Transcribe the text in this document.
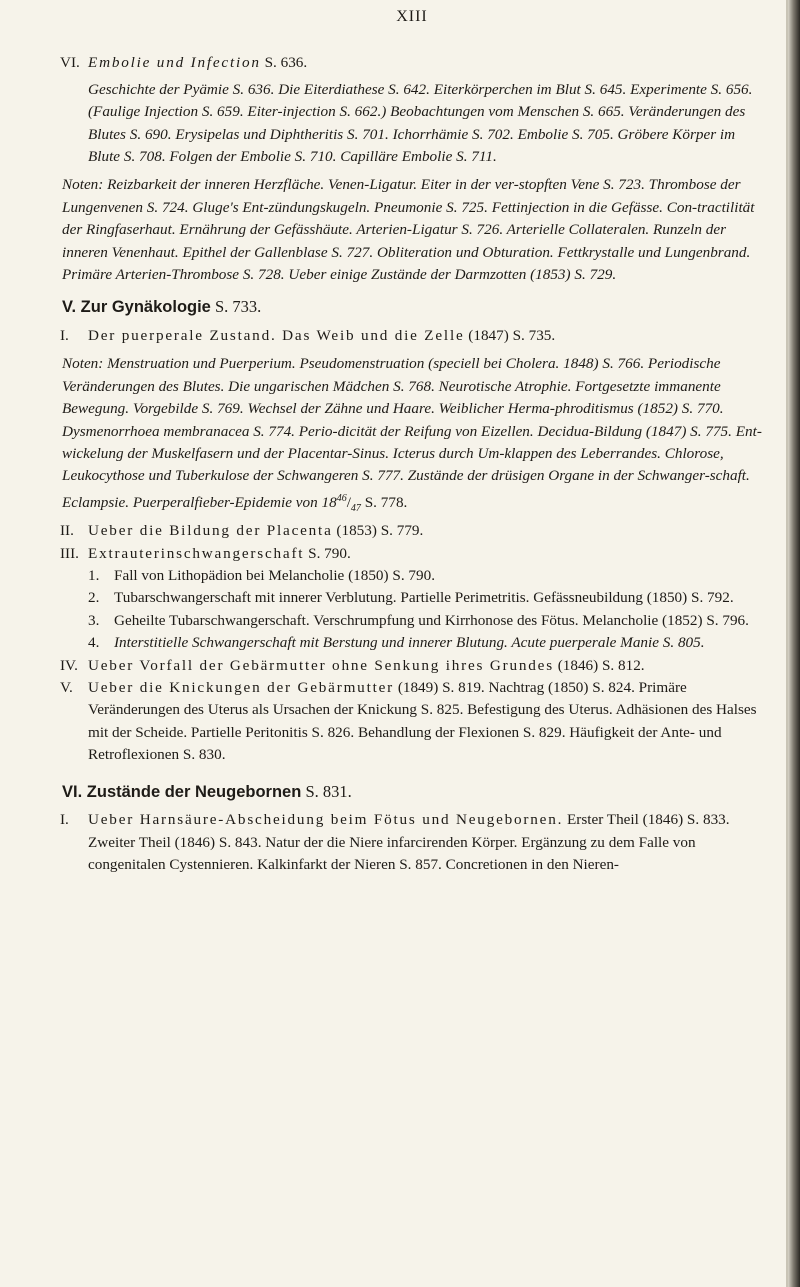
XIII
VI. Embolie und Infection S. 636.
Geschichte der Pyämie S. 636. Die Eiterdiathese S. 642. Eiterkörperchen im Blut S. 645. Experimente S. 656. (Faulige Injection S. 659. Eiter-injection S. 662.) Beobachtungen vom Menschen S. 665. Veränderungen des Blutes S. 690. Erysipelas und Diphtheritis S. 701. Ichorrhämie S. 702. Embolie S. 705. Gröbere Körper im Blute S. 708. Folgen der Embolie S. 710. Capilläre Embolie S. 711.
Noten: Reizbarkeit der inneren Herzfläche. Venen-Ligatur. Eiter in der ver-stopften Vene S. 723. Thrombose der Lungenvenen S. 724. Gluge's Ent-zündungskugeln. Pneumonie S. 725. Fettinjection in die Gefässe. Con-tractilität der Ringfaserhaut. Ernährung der Gefässhäute. Arterien-Ligatur S. 726. Arterielle Collateralen. Runzeln der inneren Venenhaut. Epithel der Gallenblase S. 727. Obliteration und Obturation. Fettkrystalle und Lungenbrand. Primäre Arterien-Thrombose S. 728. Ueber einige Zustände der Darmzotten (1853) S. 729.
V. Zur Gynäkologie S. 733.
I. Der puerperale Zustand. Das Weib und die Zelle (1847) S. 735.
Noten: Menstruation und Puerperium. Pseudomenstruation (speciell bei Cholera. 1848) S. 766. Periodische Veränderungen des Blutes. Die ungarischen Mädchen S. 768. Neurotische Atrophie. Fortgesetzte immanente Bewegung. Vorgebilde S. 769. Wechsel der Zähne und Haare. Weiblicher Herma-phroditismus (1852) S. 770. Dysmenorrhoea membranacea S. 774. Perio-dicität der Reifung von Eizellen. Decidua-Bildung (1847) S. 775. Ent-wickelung der Muskelfasern und der Placentar-Sinus. Icterus durch Um-klappen des Leberrandes. Chlorose, Leukocythose und Tuberkulose der Schwangeren S. 777. Zustände der drüsigen Organe in der Schwanger-schaft. Eclampsie. Puerperalfieber-Epidemie von $18^{46}/_{47}$ S. 778.
II. Ueber die Bildung der Placenta (1853) S. 779.
III. Extrauterinschwangerschaft S. 790.
1. Fall von Lithopädion bei Melancholie (1850) S. 790.
2. Tubarschwangerschaft mit innerer Verblutung. Partielle Perimetritis. Gefässneubildung (1850) S. 792.
3. Geheilte Tubarschwangerschaft. Verschrumpfung und Kirrhonose des Fötus. Melancholie (1852) S. 796.
4. Interstitielle Schwangerschaft mit Berstung und innerer Blutung. Acute puerperale Manie S. 805.
IV. Ueber Vorfall der Gebärmutter ohne Senkung ihres Grundes (1846) S. 812.
V. Ueber die Knickungen der Gebärmutter (1849) S. 819. Nachtrag (1850) S. 824. Primäre Veränderungen des Uterus als Ursachen der Knickung S. 825. Befestigung des Uterus. Adhäsionen des Halses mit der Scheide. Partielle Peritonitis S. 826. Behandlung der Flexionen S. 829. Häufigkeit der Ante- und Retroflexionen S. 830.
VI. Zustände der Neugebornen S. 831.
I. Ueber Harnsäure-Abscheidung beim Fötus und Neugebornen. Erster Theil (1846) S. 833. Zweiter Theil (1846) S. 843. Natur der die Niere infarcirenden Körper. Ergänzung zu dem Falle von congenitalen Cystennieren. Kalkinfarkt der Nieren S. 857. Concretionen in den Nieren-
